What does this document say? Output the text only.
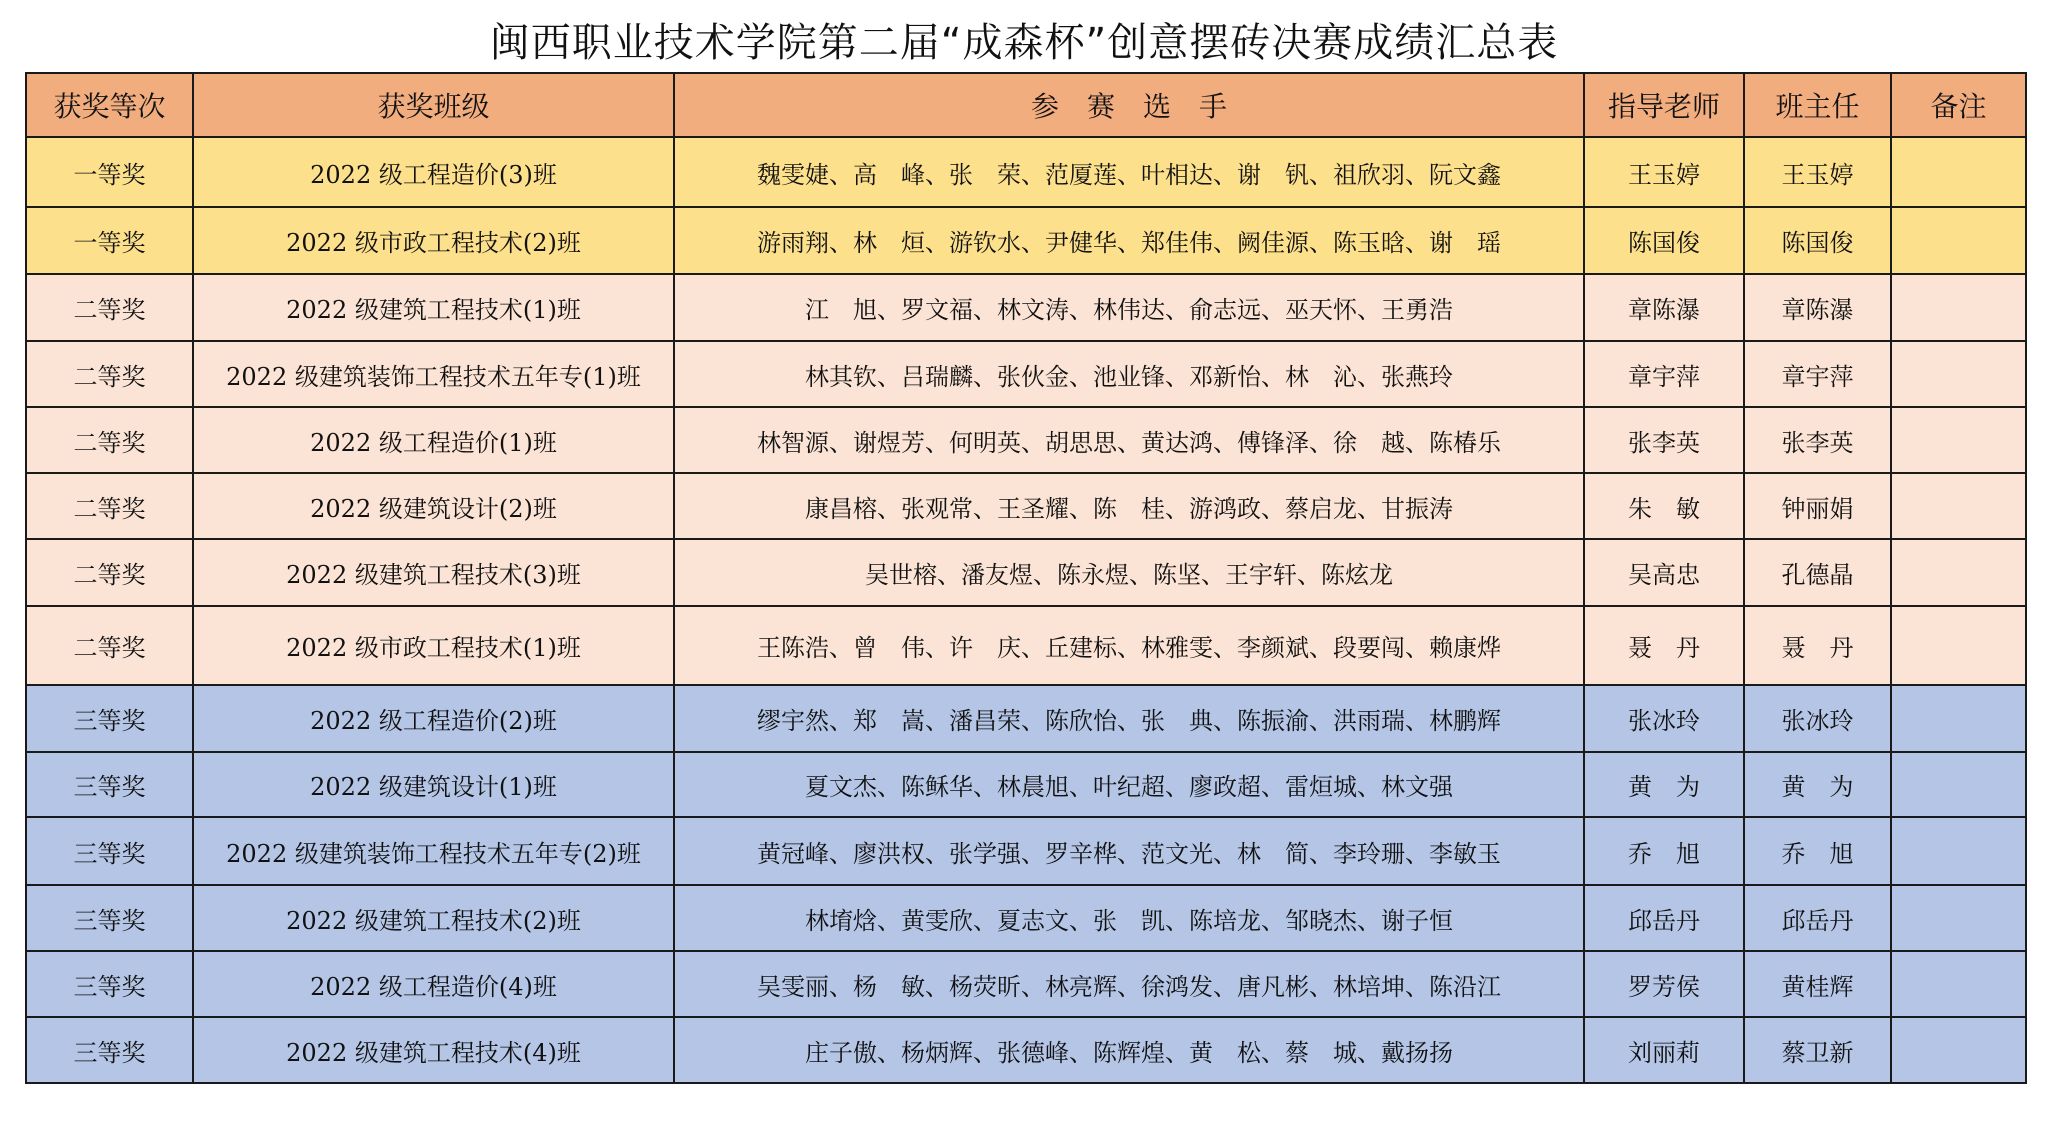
闽西职业技术学院第二届“成森杯”创意摆砖决赛成绩汇总表
获奖等次	获奖班级	参　赛　选　手	指导老师	班主任	备注
一等奖	2022 级工程造价(3)班	魏雯婕、高　峰、张　荣、范厦莲、叶相达、谢　钒、祖欣羽、阮文鑫	王玉婷	王玉婷	
一等奖	2022 级市政工程技术(2)班	游雨翔、林　烜、游钦水、尹健华、郑佳伟、阙佳源、陈玉晗、谢　瑶	陈国俊	陈国俊	
二等奖	2022 级建筑工程技术(1)班	江　旭、罗文福、林文涛、林伟达、俞志远、巫天怀、王勇浩	章陈瀑	章陈瀑	
二等奖	2022 级建筑装饰工程技术五年专(1)班	林其钦、吕瑞麟、张伙金、池业锋、邓新怡、林　沁、张燕玲	章宇萍	章宇萍	
二等奖	2022 级工程造价(1)班	林智源、谢煜芳、何明英、胡思思、黄达鸿、傅锋泽、徐　越、陈椿乐	张李英	张李英	
二等奖	2022 级建筑设计(2)班	康昌榕、张观常、王圣耀、陈　桂、游鸿政、蔡启龙、甘振涛	朱　敏	钟丽娟	
二等奖	2022 级建筑工程技术(3)班	吴世榕、潘友煜、陈永煜、陈坚、王宇轩、陈炫龙	吴高忠	孔德晶	
二等奖	2022 级市政工程技术(1)班	王陈浩、曾　伟、许　庆、丘建标、林雅雯、李颜斌、段要闯、赖康烨	聂　丹	聂　丹	
三等奖	2022 级工程造价(2)班	缪宇然、郑　嵩、潘昌荣、陈欣怡、张　典、陈振渝、洪雨瑞、林鹏辉	张冰玲	张冰玲	
三等奖	2022 级建筑设计(1)班	夏文杰、陈稣华、林晨旭、叶纪超、廖政超、雷烜城、林文强	黄　为	黄　为	
三等奖	2022 级建筑装饰工程技术五年专(2)班	黄冠峰、廖洪权、张学强、罗辛桦、范文光、林　简、李玲珊、李敏玉	乔　旭	乔　旭	
三等奖	2022 级建筑工程技术(2)班	林堉焓、黄雯欣、夏志文、张　凯、陈培龙、邹晓杰、谢子恒	邱岳丹	邱岳丹	
三等奖	2022 级工程造价(4)班	吴雯丽、杨　敏、杨荧昕、林亮辉、徐鸿发、唐凡彬、林培坤、陈沿江	罗芳侯	黄桂辉	
三等奖	2022 级建筑工程技术(4)班	庄子傲、杨炳辉、张德峰、陈辉煌、黄　松、蔡　城、戴扬扬	刘丽莉	蔡卫新	
